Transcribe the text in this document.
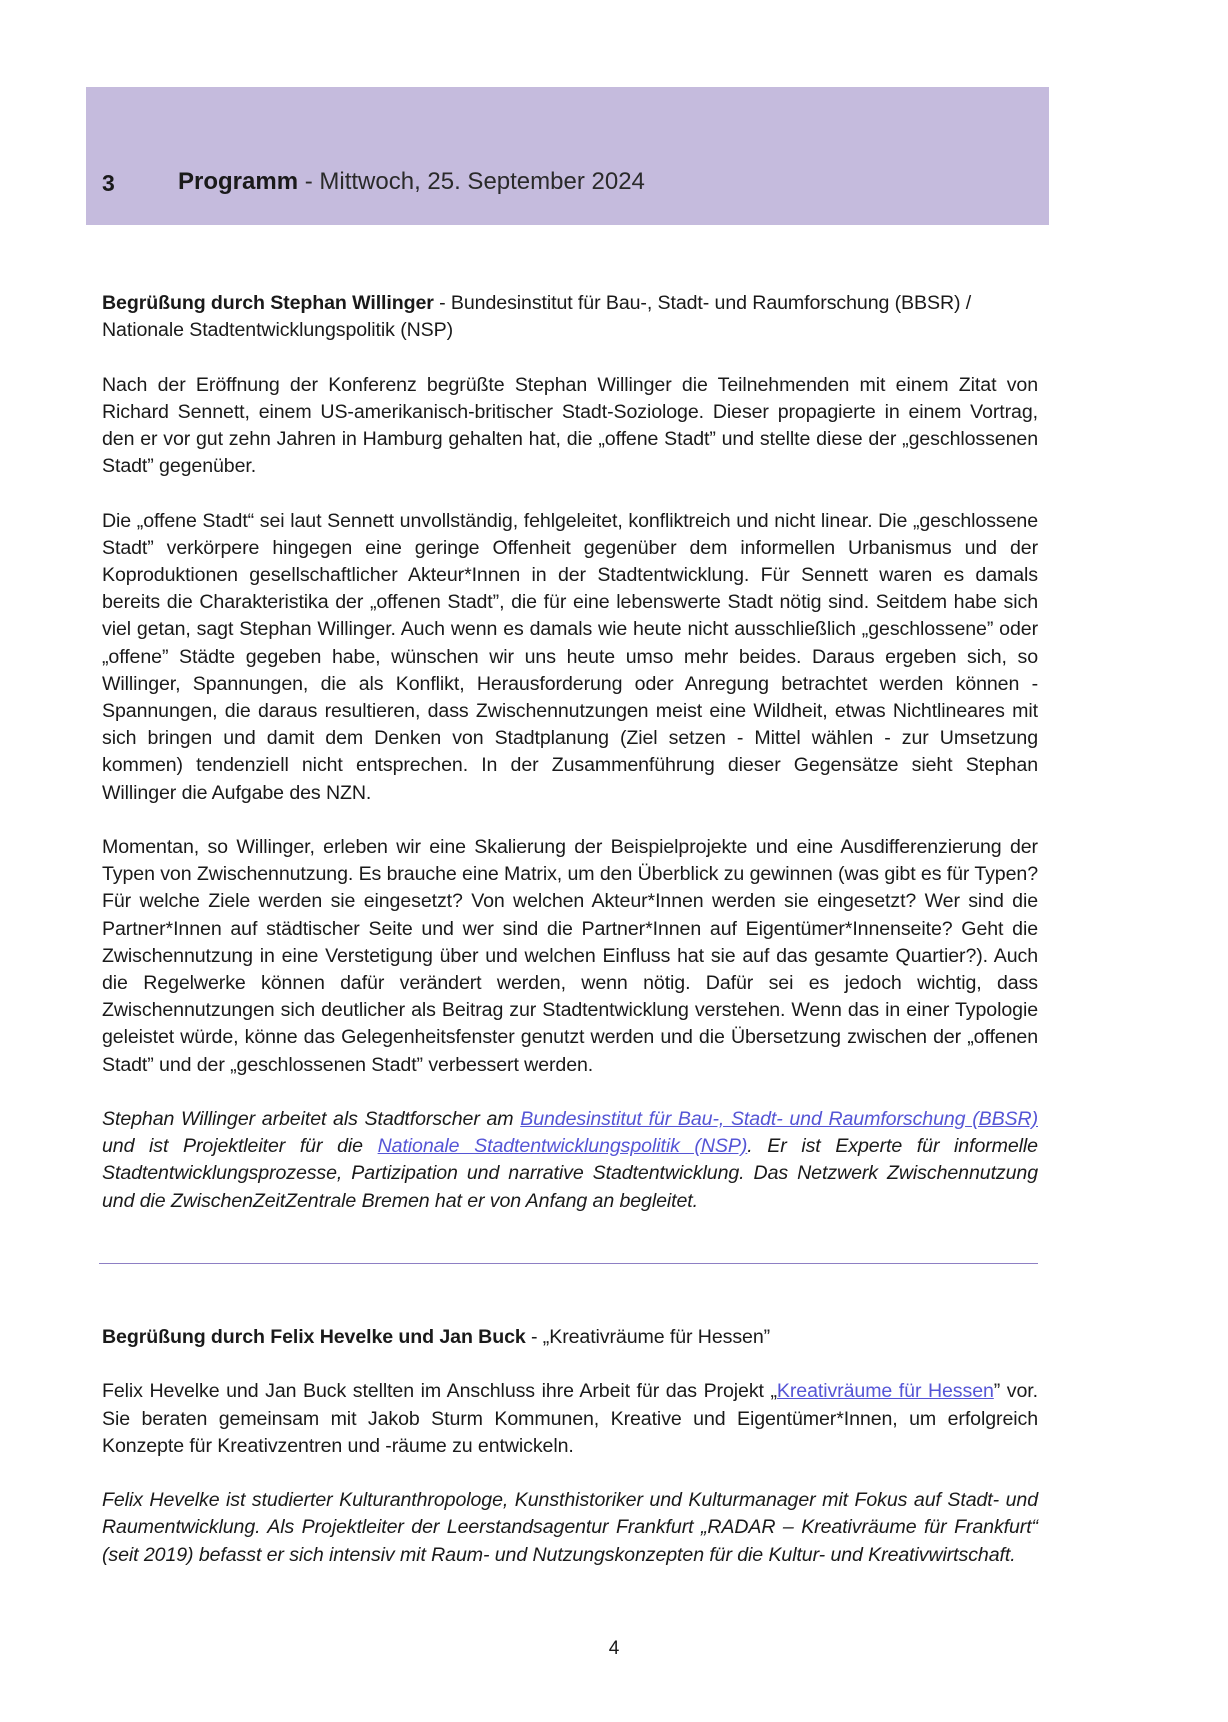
3	Programm - Mittwoch, 25. September 2024

Begrüßung durch Stephan Willinger - Bundesinstitut für Bau-, Stadt- und Raumforschung (BBSR) / Nationale Stadtentwicklungspolitik (NSP)

Nach der Eröffnung der Konferenz begrüßte Stephan Willinger die Teilnehmenden mit einem Zitat von Richard Sennett, einem US-amerikanisch-britischer Stadt-Soziologe. Dieser propagierte in einem Vortrag, den er vor gut zehn Jahren in Hamburg gehalten hat, die „offene Stadt” und stellte diese der „geschlossenen Stadt” gegenüber.

Die „offene Stadt“ sei laut Sennett unvollständig, fehlgeleitet, konfliktreich und nicht linear. Die „geschlossene Stadt” verkörpere hingegen eine geringe Offenheit gegenüber dem informellen Urbanismus und der Koproduktionen gesellschaftlicher Akteur*Innen in der Stadtentwicklung. Für Sennett waren es damals bereits die Charakteristika der „offenen Stadt”, die für eine lebenswerte Stadt nötig sind. Seitdem habe sich viel getan, sagt Stephan Willinger. Auch wenn es damals wie heute nicht ausschließlich „geschlossene” oder „offene” Städte gegeben habe, wünschen wir uns heute umso mehr beides. Daraus ergeben sich, so Willinger, Spannungen, die als Konflikt, Herausforderung oder Anregung betrachtet werden können - Spannungen, die daraus resultieren, dass Zwischennutzungen meist eine Wildheit, etwas Nichtlineares mit sich bringen und damit dem Denken von Stadtplanung (Ziel setzen - Mittel wählen - zur Umsetzung kommen) tendenziell nicht entsprechen. In der Zusammenführung dieser Gegensätze sieht Stephan Willinger die Aufgabe des NZN.

Momentan, so Willinger, erleben wir eine Skalierung der Beispielprojekte und eine Ausdifferenzierung der Typen von Zwischennutzung. Es brauche eine Matrix, um den Überblick zu gewinnen (was gibt es für Typen? Für welche Ziele werden sie eingesetzt? Von welchen Akteur*Innen werden sie eingesetzt? Wer sind die Partner*Innen auf städtischer Seite und wer sind die Partner*Innen auf Eigentümer*Innenseite? Geht die Zwischennutzung in eine Verstetigung über und welchen Einfluss hat sie auf das gesamte Quartier?). Auch die Regelwerke können dafür verändert werden, wenn nötig. Dafür sei es jedoch wichtig, dass Zwischennutzungen sich deutlicher als Beitrag zur Stadtentwicklung verstehen. Wenn das in einer Typologie geleistet würde, könne das Gelegenheitsfenster genutzt werden und die Übersetzung zwischen der „offenen Stadt” und der „geschlossenen Stadt” verbessert werden.

Stephan Willinger arbeitet als Stadtforscher am Bundesinstitut für Bau-, Stadt- und Raumforschung (BBSR) und ist Projektleiter für die Nationale Stadtentwicklungspolitik (NSP). Er ist Experte für informelle Stadtentwicklungsprozesse, Partizipation und narrative Stadtentwicklung. Das Netzwerk Zwischennutzung und die ZwischenZeitZentrale Bremen hat er von Anfang an begleitet.

Begrüßung durch Felix Hevelke und Jan Buck - „Kreativräume für Hessen”

Felix Hevelke und Jan Buck stellten im Anschluss ihre Arbeit für das Projekt „Kreativräume für Hessen” vor. Sie beraten gemeinsam mit Jakob Sturm Kommunen, Kreative und Eigentümer*Innen, um erfolgreich Konzepte für Kreativzentren und -räume zu entwickeln.

Felix Hevelke ist studierter Kulturanthropologe, Kunsthistoriker und Kulturmanager mit Fokus auf Stadt- und Raumentwicklung. Als Projektleiter der Leerstandsagentur Frankfurt „RADAR – Kreativräume für Frankfurt“ (seit 2019) befasst er sich intensiv mit Raum- und Nutzungskonzepten für die Kultur- und Kreativwirtschaft.

4
